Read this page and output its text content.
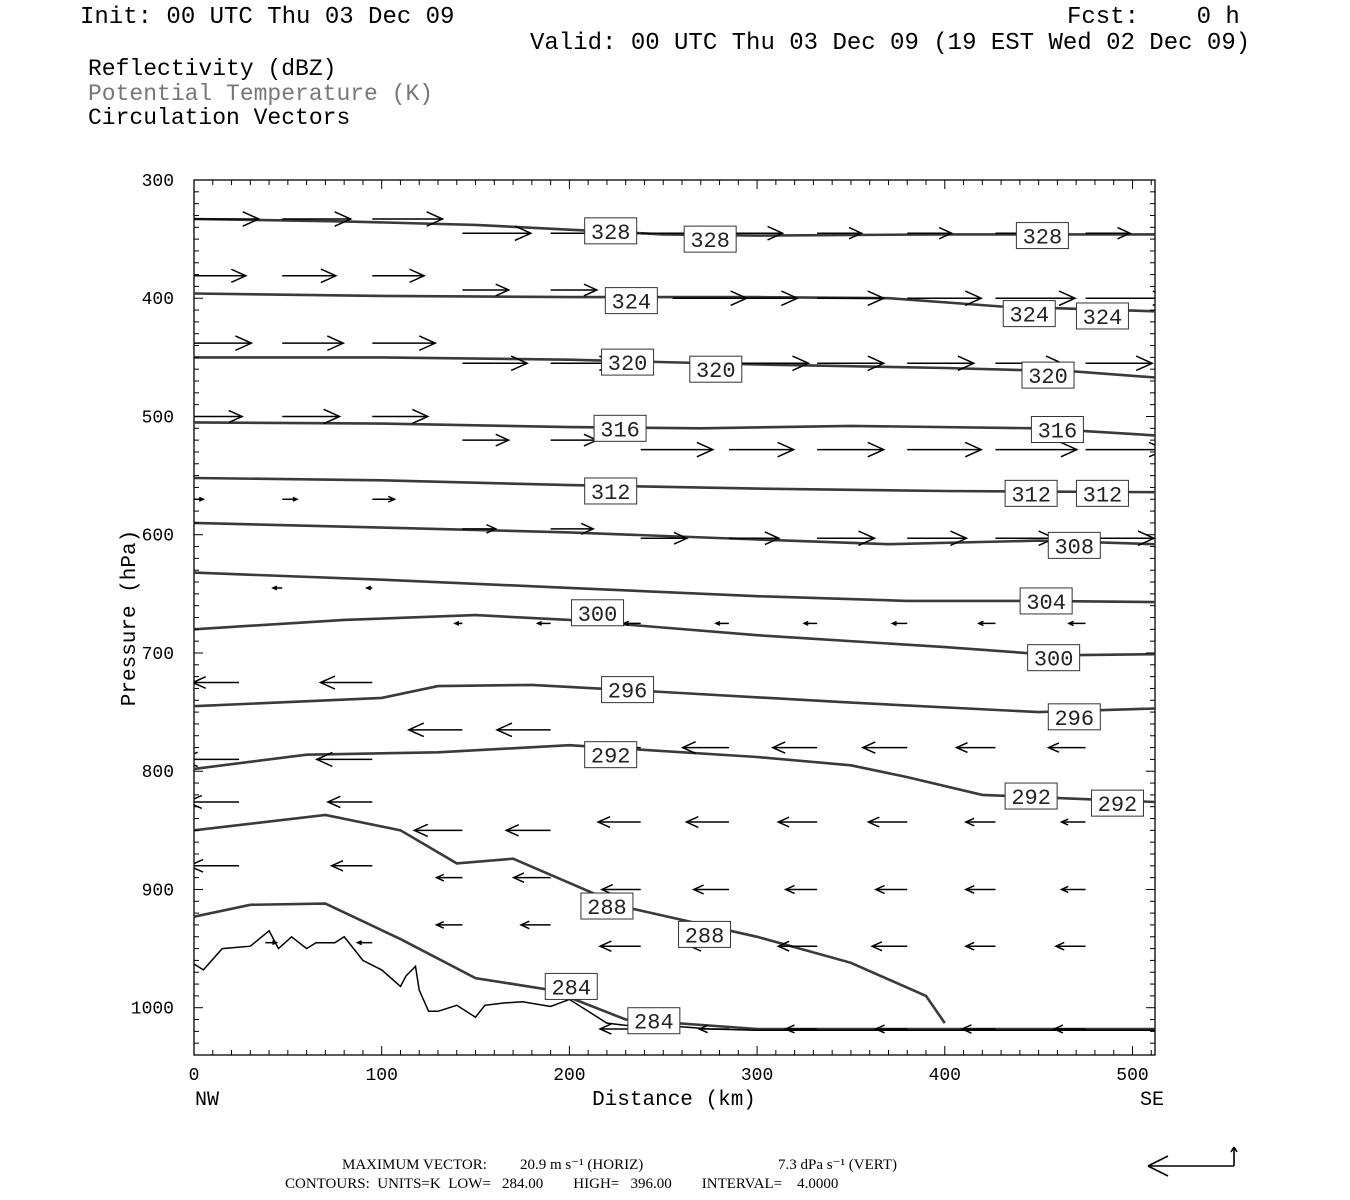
Init: 00 UTC Thu 03 Dec 09	Fcst:    0 h
Valid: 00 UTC Thu 03 Dec 09 (19 EST Wed 02 Dec 09)
Reflectivity (dBZ)
Potential Temperature (K)
Circulation Vectors
328	328	328
324
324 324
320 320	320
316	316
312	312 312
308
304
300
300
296
296
292
292 292
288
288
284
284
0	100	200	300	400	500
300
400
500
600
700
800
900
1000
Distance (km)
Pressure (hPa)
NW	SE
MAXIMUM VECTOR: 20.9 m s⁻¹ (HORIZ)	7.3 dPa s⁻¹ (VERT)
CONTOURS:  UNITS=K  LOW=   284.00        HIGH=   396.00        INTERVAL=    4.0000
